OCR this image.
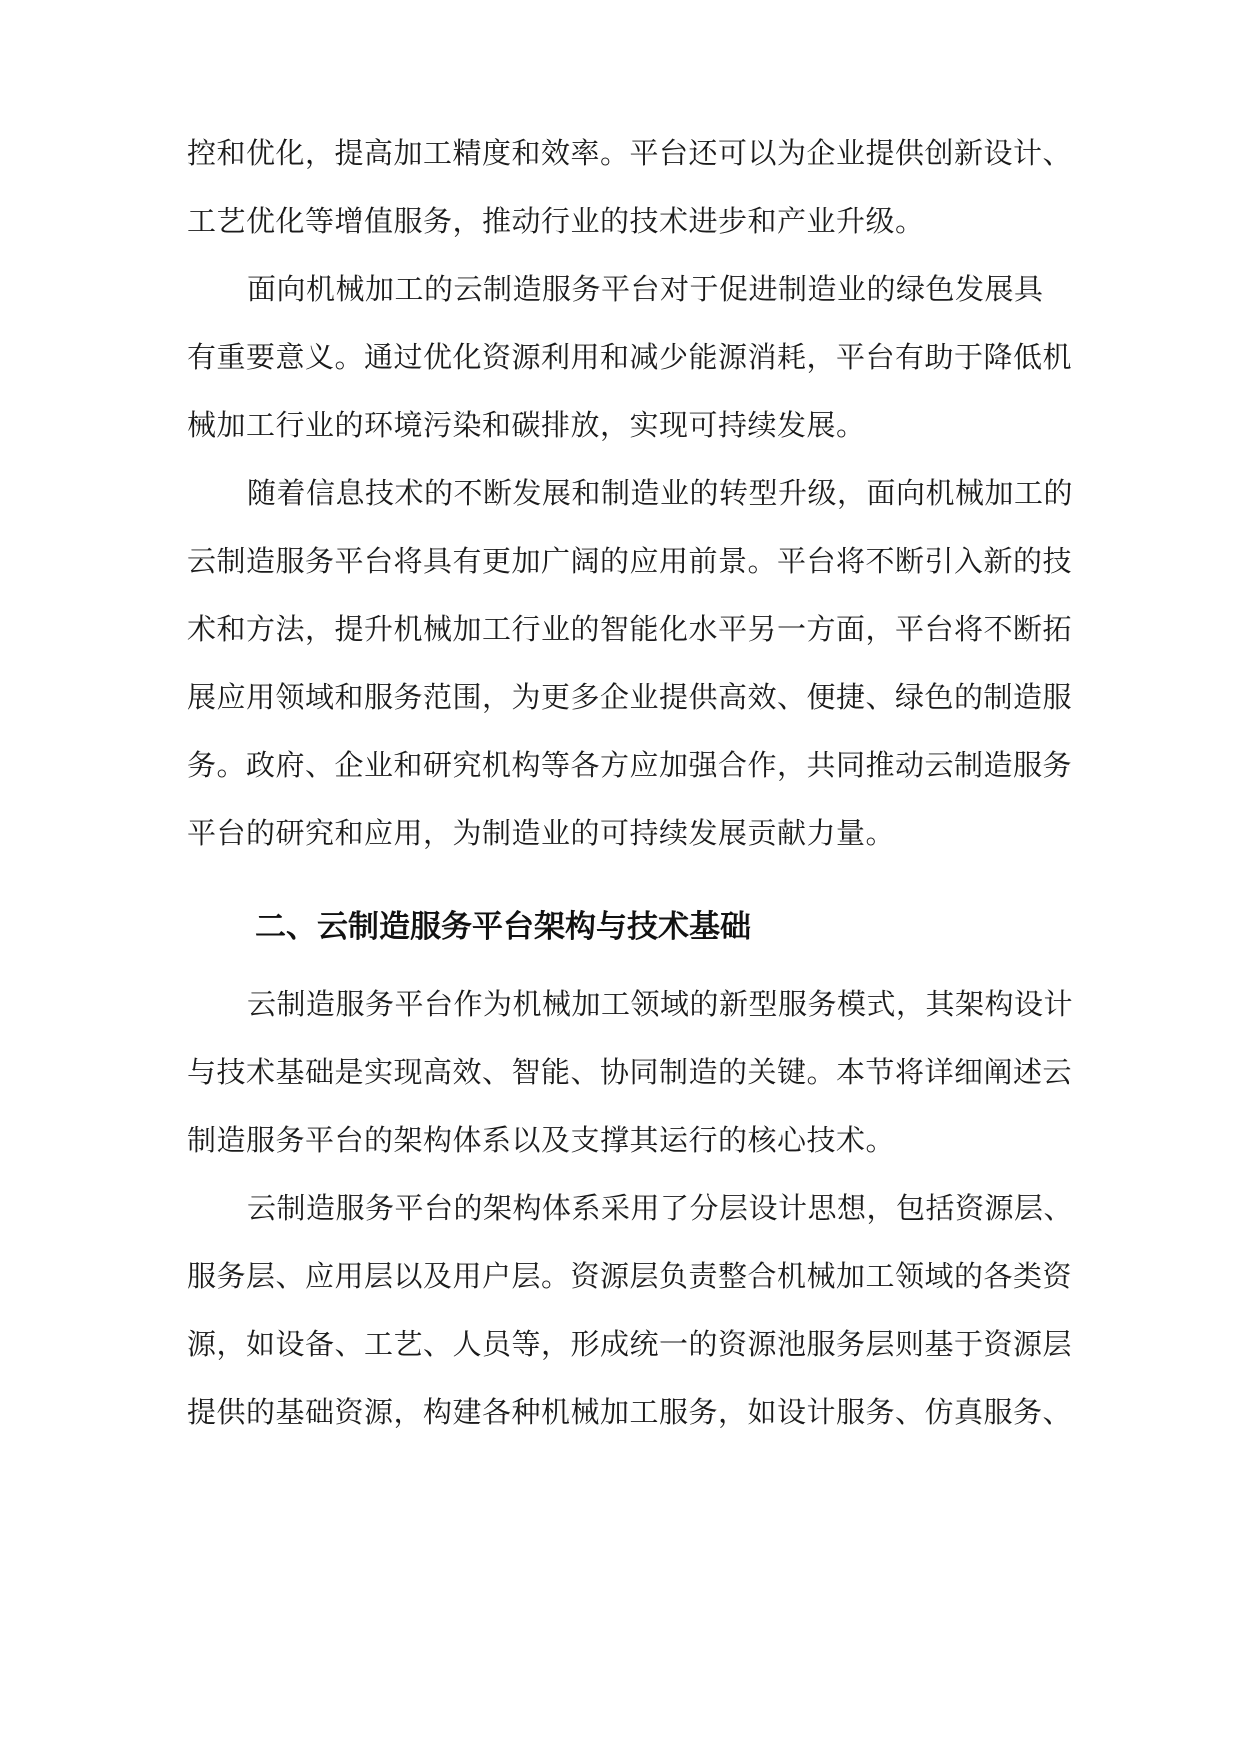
控和优化，提高加工精度和效率。平台还可以为企业提供创新设计、
工艺优化等增值服务，推动行业的技术进步和产业升级。
面向机械加工的云制造服务平台对于促进制造业的绿色发展具
有重要意义。通过优化资源利用和减少能源消耗，平台有助于降低机
械加工行业的环境污染和碳排放，实现可持续发展。
随着信息技术的不断发展和制造业的转型升级，面向机械加工的
云制造服务平台将具有更加广阔的应用前景。平台将不断引入新的技
术和方法，提升机械加工行业的智能化水平另一方面，平台将不断拓
展应用领域和服务范围，为更多企业提供高效、便捷、绿色的制造服
务。政府、企业和研究机构等各方应加强合作，共同推动云制造服务
平台的研究和应用，为制造业的可持续发展贡献力量。
二、云制造服务平台架构与技术基础
云制造服务平台作为机械加工领域的新型服务模式，其架构设计
与技术基础是实现高效、智能、协同制造的关键。本节将详细阐述云
制造服务平台的架构体系以及支撑其运行的核心技术。
云制造服务平台的架构体系采用了分层设计思想，包括资源层、
服务层、应用层以及用户层。资源层负责整合机械加工领域的各类资
源，如设备、工艺、人员等，形成统一的资源池服务层则基于资源层
提供的基础资源，构建各种机械加工服务，如设计服务、仿真服务、
